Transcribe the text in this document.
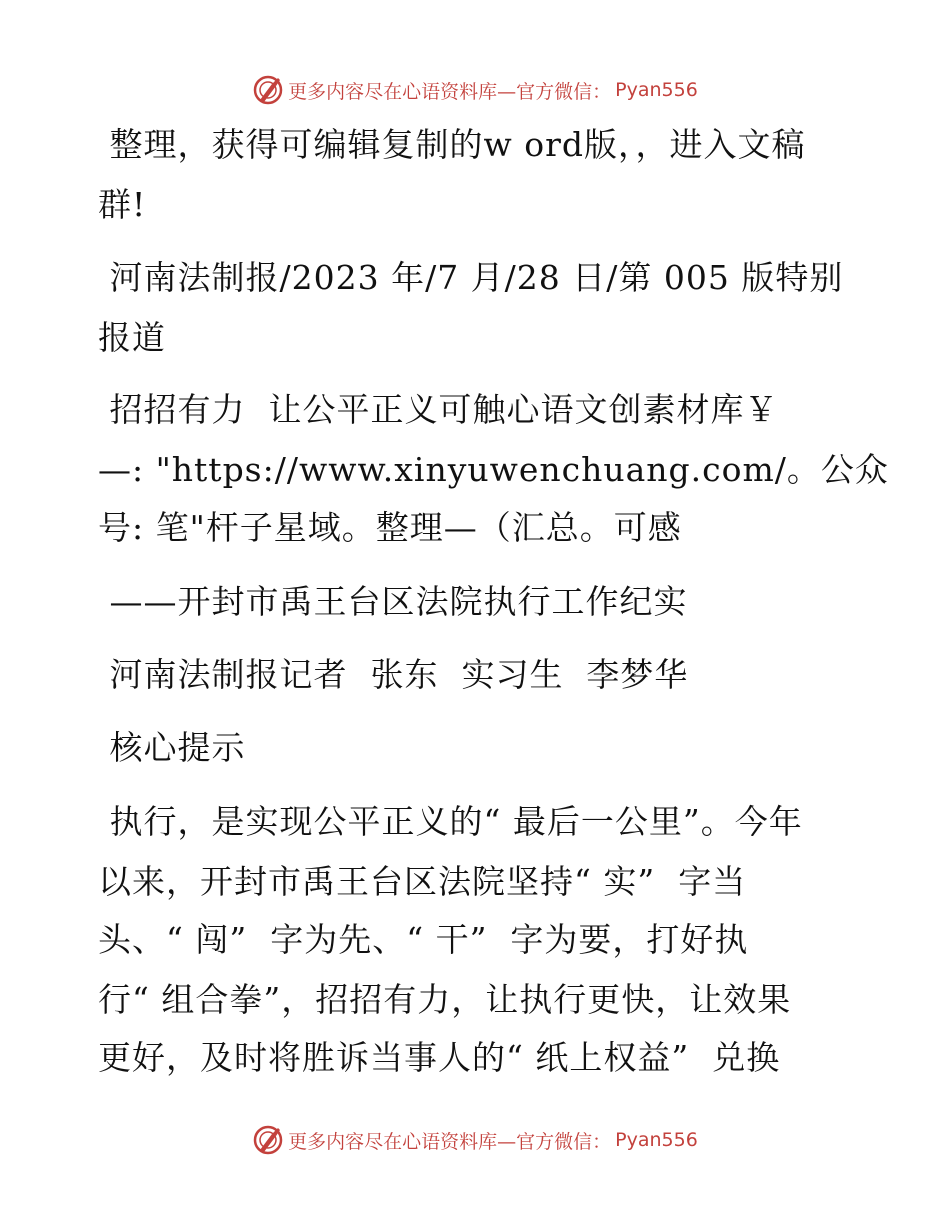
更多内容尽在心语资料库—官方微信： Pyan556
整理，获得可编辑复制的w ord版，，进入文稿
群!
河南法制报/2023 年/7 月/28 日/第 005 版特别
报道
招招有力  让公平正义可触心语文创素材库￥
—: "https://www.xinyuwenchuang.com/。公众
号: 笔"杆子星域。整理—（汇总。可感
——开封市禹王台区法院执行工作纪实
河南法制报记者  张东  实习生  李梦华
核心提示
执行，是实现公平正义的“ 最后一公里”。今年
以来，开封市禹王台区法院坚持“ 实”  字当
头、“ 闯”  字为先、“ 干”  字为要，打好执
行“ 组合拳”，招招有力，让执行更快，让效果
更好，及时将胜诉当事人的“ 纸上权益”  兑换
更多内容尽在心语资料库—官方微信： Pyan556
